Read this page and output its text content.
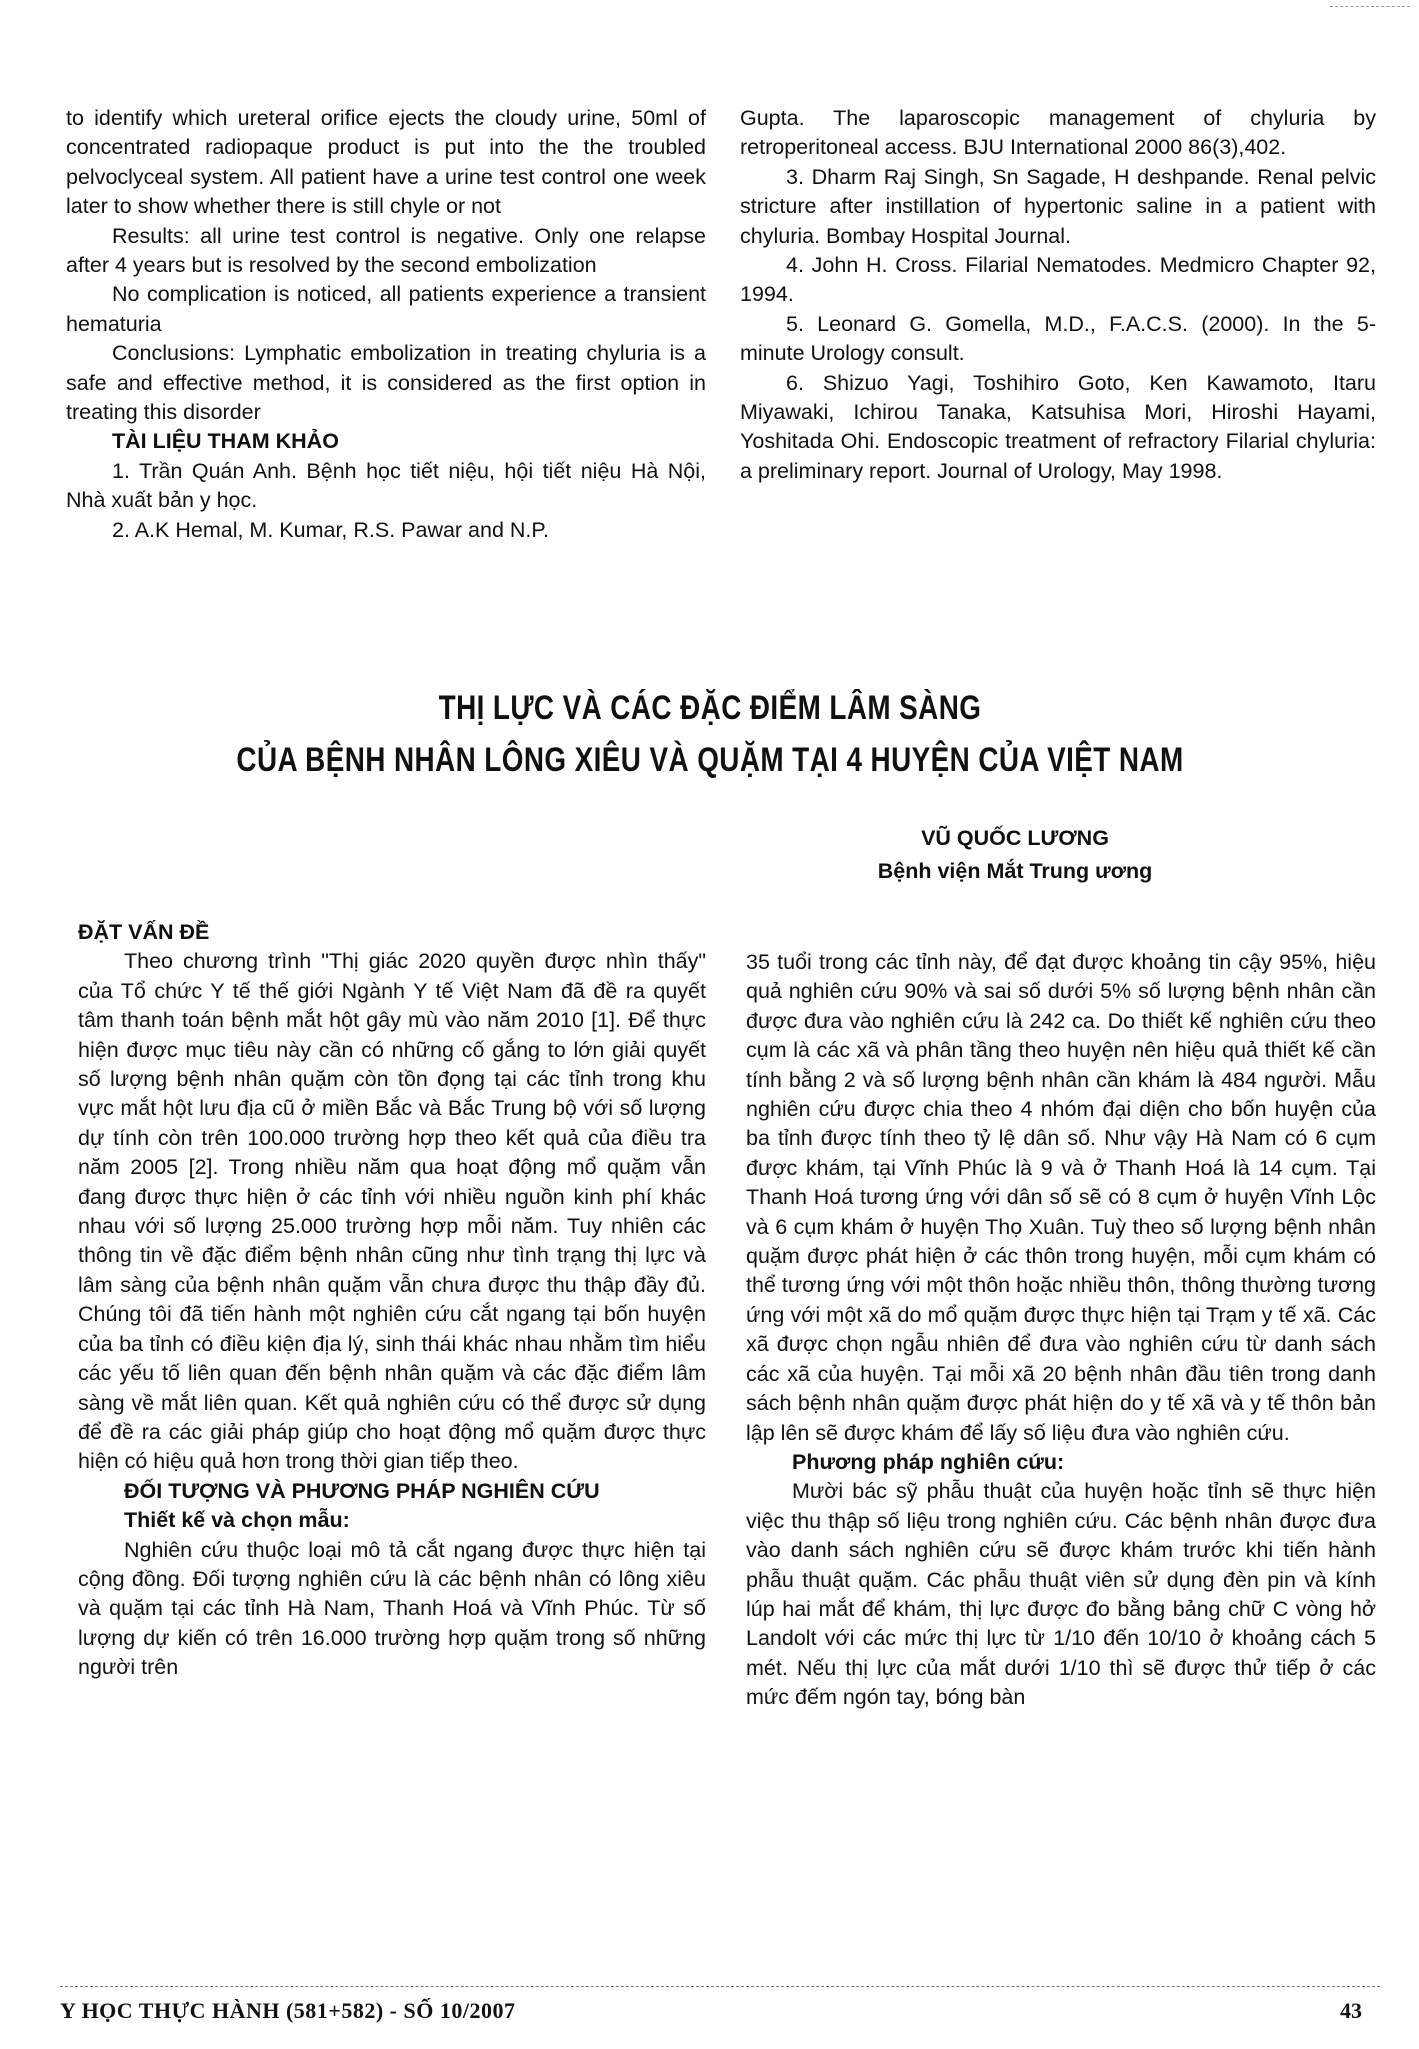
to identify which ureteral orifice ejects the cloudy urine, 50ml of concentrated radiopaque product is put into the the troubled pelvoclyceal system. All patient have a urine test control one week later to show whether there is still chyle or not

Results: all urine test control is negative. Only one relapse after 4 years but is resolved by the second embolization

No complication is noticed, all patients experience a transient hematuria

Conclusions: Lymphatic embolization in treating chyluria is a safe and effective method, it is considered as the first option in treating this disorder

TÀI LIỆU THAM KHẢO

1. Trần Quán Anh. Bệnh học tiết niệu, hội tiết niệu Hà Nội, Nhà xuất bản y học.

2. A.K Hemal, M. Kumar, R.S. Pawar and N.P.

Gupta. The laparoscopic management of chyluria by retroperitoneal access. BJU International 2000 86(3),402.

3. Dharm Raj Singh, Sn Sagade, H deshpande. Renal pelvic stricture after instillation of hypertonic saline in a patient with chyluria. Bombay Hospital Journal.

4. John H. Cross. Filarial Nematodes. Medmicro Chapter 92, 1994.

5. Leonard G. Gomella, M.D., F.A.C.S. (2000). In the 5- minute Urology consult.

6. Shizuo Yagi, Toshihiro Goto, Ken Kawamoto, Itaru Miyawaki, Ichirou Tanaka, Katsuhisa Mori, Hiroshi Hayami, Yoshitada Ohi. Endoscopic treatment of refractory Filarial chyluria: a preliminary report. Journal of Urology, May 1998.

THỊ LỰC VÀ CÁC ĐẶC ĐIỂM LÂM SÀNG
CỦA BỆNH NHÂN LÔNG XIÊU VÀ QUẶM TẠI 4 HUYỆN CỦA VIỆT NAM
VŨ QUỐC LƯƠNG
Bệnh viện Mắt Trung ương

ĐẶT VẤN ĐỀ

Theo chương trình "Thị giác 2020 quyền được nhìn thấy" của Tổ chức Y tế thế giới Ngành Y tế Việt Nam đã đề ra quyết tâm thanh toán bệnh mắt hột gây mù vào năm 2010 [1]. Để thực hiện được mục tiêu này cần có những cố gắng to lớn giải quyết số lượng bệnh nhân quặm còn tồn đọng tại các tỉnh trong khu vực mắt hột lưu địa cũ ở miền Bắc và Bắc Trung bộ với số lượng dự tính còn trên 100.000 trường hợp theo kết quả của điều tra năm 2005 [2]. Trong nhiều năm qua hoạt động mổ quặm vẫn đang được thực hiện ở các tỉnh với nhiều nguồn kinh phí khác nhau với số lượng 25.000 trường hợp mỗi năm. Tuy nhiên các thông tin về đặc điểm bệnh nhân cũng như tình trạng thị lực và lâm sàng của bệnh nhân quặm vẫn chưa được thu thập đầy đủ. Chúng tôi đã tiến hành một nghiên cứu cắt ngang tại bốn huyện của ba tỉnh có điều kiện địa lý, sinh thái khác nhau nhằm tìm hiểu các yếu tố liên quan đến bệnh nhân quặm và các đặc điểm lâm sàng về mắt liên quan. Kết quả nghiên cứu có thể được sử dụng để đề ra các giải pháp giúp cho hoạt động mổ quặm được thực hiện có hiệu quả hơn trong thời gian tiếp theo.

ĐỐI TƯỢNG VÀ PHƯƠNG PHÁP NGHIÊN CỨU

Thiết kế và chọn mẫu:

Nghiên cứu thuộc loại mô tả cắt ngang được thực hiện tại cộng đồng. Đối tượng nghiên cứu là các bệnh nhân có lông xiêu và quặm tại các tỉnh Hà Nam, Thanh Hoá và Vĩnh Phúc. Từ số lượng dự kiến có trên 16.000 trường hợp quặm trong số những người trên

35 tuổi trong các tỉnh này, để đạt được khoảng tin cậy 95%, hiệu quả nghiên cứu 90% và sai số dưới 5% số lượng bệnh nhân cần được đưa vào nghiên cứu là 242 ca. Do thiết kế nghiên cứu theo cụm là các xã và phân tầng theo huyện nên hiệu quả thiết kế cần tính bằng 2 và số lượng bệnh nhân cần khám là 484 người. Mẫu nghiên cứu được chia theo 4 nhóm đại diện cho bốn huyện của ba tỉnh được tính theo tỷ lệ dân số. Như vậy Hà Nam có 6 cụm được khám, tại Vĩnh Phúc là 9 và ở Thanh Hoá là 14 cụm. Tại Thanh Hoá tương ứng với dân số sẽ có 8 cụm ở huyện Vĩnh Lộc và 6 cụm khám ở huyện Thọ Xuân. Tuỳ theo số lượng bệnh nhân quặm được phát hiện ở các thôn trong huyện, mỗi cụm khám có thể tương ứng với một thôn hoặc nhiều thôn, thông thường tương ứng với một xã do mổ quặm được thực hiện tại Trạm y tế xã. Các xã được chọn ngẫu nhiên để đưa vào nghiên cứu từ danh sách các xã của huyện. Tại mỗi xã 20 bệnh nhân đầu tiên trong danh sách bệnh nhân quặm được phát hiện do y tế xã và y tế thôn bản lập lên sẽ được khám để lấy số liệu đưa vào nghiên cứu.

Phương pháp nghiên cứu:

Mười bác sỹ phẫu thuật của huyện hoặc tỉnh sẽ thực hiện việc thu thập số liệu trong nghiên cứu. Các bệnh nhân được đưa vào danh sách nghiên cứu sẽ được khám trước khi tiến hành phẫu thuật quặm. Các phẫu thuật viên sử dụng đèn pin và kính lúp hai mắt để khám, thị lực được đo bằng bảng chữ C vòng hở Landolt với các mức thị lực từ 1/10 đến 10/10 ở khoảng cách 5 mét. Nếu thị lực của mắt dưới 1/10 thì sẽ được thử tiếp ở các mức đếm ngón tay, bóng bàn

Y HỌC THỰC HÀNH (581+582) - SỐ 10/2007	43
